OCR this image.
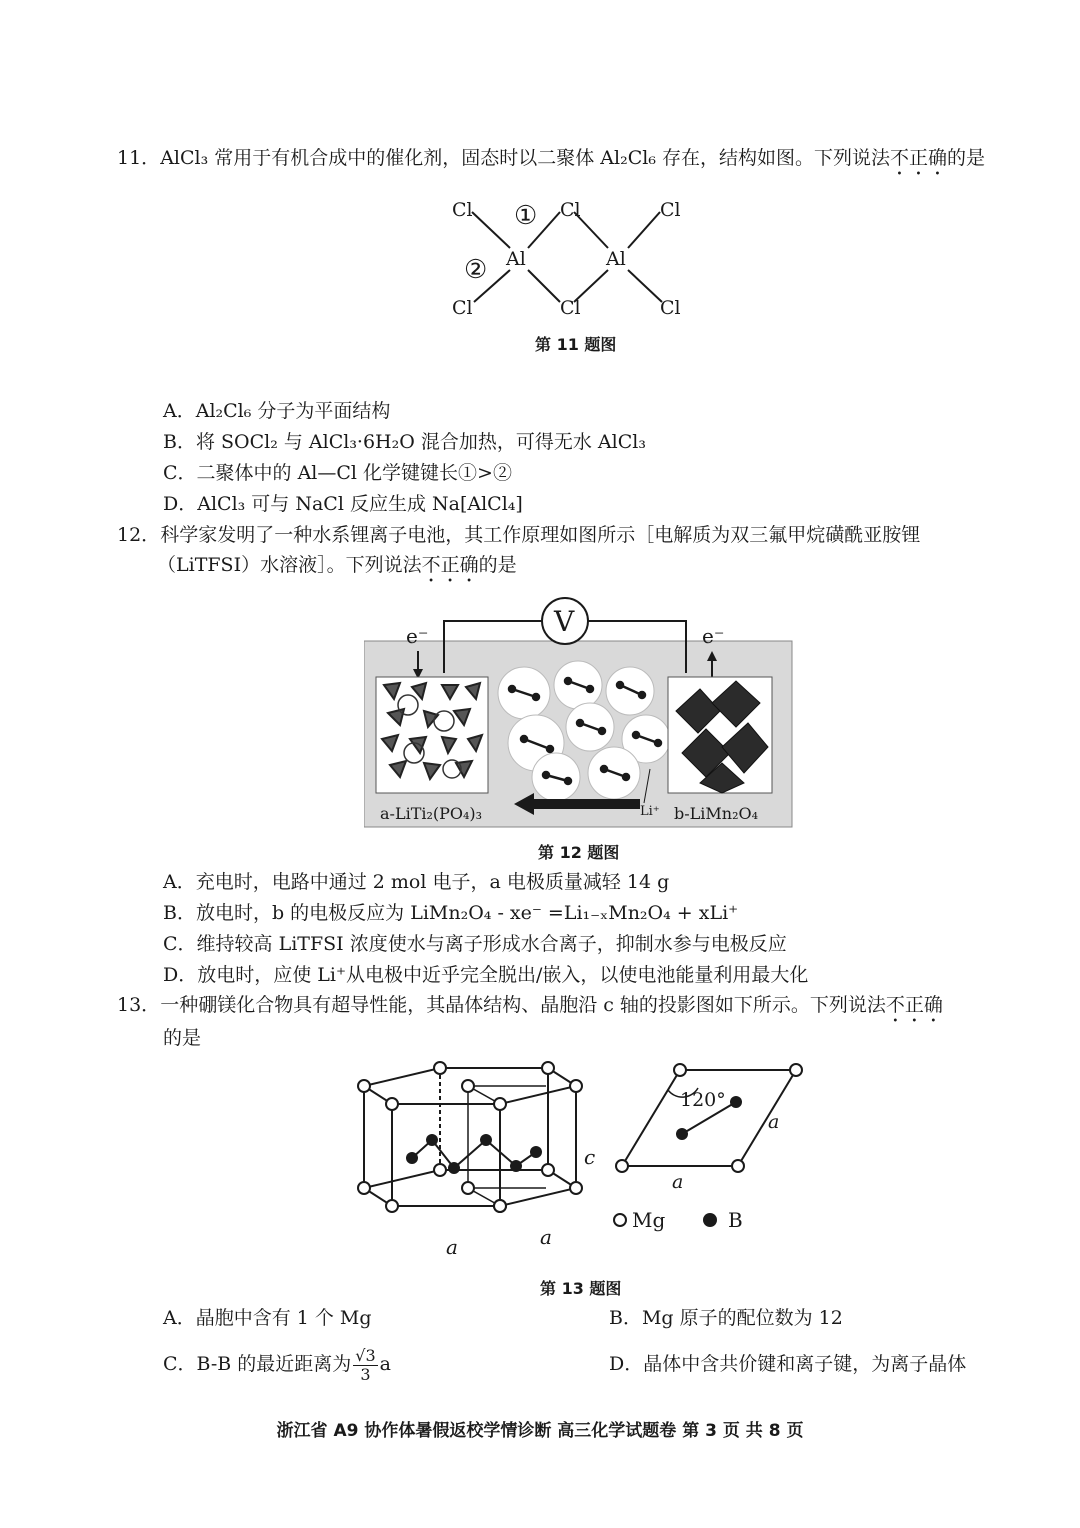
11．AlCl₃ 常用于有机合成中的催化剂，固态时以二聚体 Al₂Cl₆ 存在，结构如图。下列说法不正确的是
Cl	Cl	Cl
Al	Al
Cl	Cl	Cl
①
②
第 11 题图
A．Al₂Cl₆ 分子为平面结构
B．将 SOCl₂ 与 AlCl₃·6H₂O 混合加热，可得无水 AlCl₃
C．二聚体中的 Al—Cl 化学键键长①>②
D．AlCl₃ 可与 NaCl 反应生成 Na[AlCl₄]
12．科学家发明了一种水系锂离子电池，其工作原理如图所示［电解质为双三氟甲烷磺酰亚胺锂
（LiTFSI）水溶液］。下列说法不正确的是
V
e⁻	e⁻
a-LiTi₂(PO₄)₃	Li⁺ b-LiMn₂O₄
第 12 题图
A．充电时，电路中通过 2 mol 电子，a 电极质量减轻 14 g
B．放电时，b 的电极反应为 LiMn₂O₄ - xe⁻ =Li₁₋ₓMn₂O₄ + xLi⁺
C．维持较高 LiTFSI 浓度使水与离子形成水合离子，抑制水参与电极反应
D．放电时，应使 Li⁺从电极中近乎完全脱出/嵌入，以使电池能量利用最大化
13．一种硼镁化合物具有超导性能，其晶体结构、晶胞沿 c 轴的投影图如下所示。下列说法不正确
的是
c
a	a
120°
a
a
Mg	B
第 13 题图
A．晶胞中含有 1 个 Mg	B．Mg 原子的配位数为 12
C．B-B 的最近距离为 $\frac{√3}{3}$ a	D．晶体中含共价键和离子键，为离子晶体
浙江省 A9 协作体暑假返校学情诊断 高三化学试题卷 第 3 页 共 8 页
